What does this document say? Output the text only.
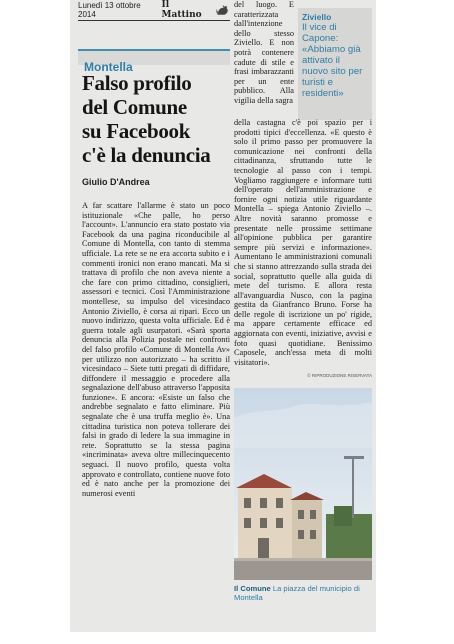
Lunedì 13 ottobre 2014
Il Mattino
Montella
Falso profilo
del Comune
su Facebook
c'è la denuncia
Giulio D'Andrea

A far scattare l'allarme è stato un poco istituzionale «Che palle, ho perso l'account». L'annuncio era stato postato via Facebook da una pagina riconducibile al Comune di Montella, con tanto di stemma ufficiale. La rete se ne era accorta subito e i commenti ironici non erano mancati. Ma si trattava di profilo che non aveva niente a che fare con primo cittadino, consiglieri, assessori e tecnici. Così l'Amministrazione montellese, su impulso del vicesindaco Antonio Ziviello, è corsa ai ripari. Ecco un nuovo indirizzo, questa volta ufficiale. Ed è guerra totale agli usurpatori. «Sarà sporta denuncia alla Polizia postale nei confronti del falso profilo «Comune di Montella Av» per utilizzo non autorizzato – ha scritto il vicesindaco – Siete tutti pregati di diffidare, diffondere il messaggio e procedere alla segnalazione dell'abuso attraverso l'apposita funzione». E ancora: «Esiste un falso che andrebbe segnalato e fatto eliminare. Più segnalate che è una truffa meglio è». Una cittadina turistica non poteva tollerare dei falsi in grado di ledere la sua immagine in rete. Soprattutto se la stessa pagina «incriminata» aveva oltre millecinquecento seguaci. Il nuovo profilo, questa volta approvato e controllato, contiene nuove foto ed è nato anche per la promozione dei numerosi eventi

del luogo. E caratterizzata dall'intenzione dello stesso Ziviello. E non potrà contenere cadute di stile e frasi imbarazzanti per un ente pubblico. Alla vigilia della sagra

Ziviello
Il vice di Capone: «Abbiamo già attivato il nuovo sito per turisti e residenti»

della castagna c'è poi spazio per i prodotti tipici d'eccellenza. «E questo è solo il primo passo per promuovere la comunicazione nei confronti della cittadinanza, sfruttando tutte le tecnologie al passo con i tempi. Vogliamo raggiungere e informare tutti dell'operato dell'amministrazione e fornire ogni notizia utile riguardante Montella – spiega Antonio Ziviello –. Altre novità saranno promosse e presentate nelle prossime settimane all'opinione pubblica per garantire sempre più servizi e informazione». Aumentano le amministrazioni comunali che si stanno attrezzando sulla strada dei social, soprattutto quelle alla guida di mete del turismo. E allora resta all'avanguardia Nusco, con la pagina gestita da Gianfranco Bruno. Forse ha delle regole di iscrizione un po' rigide, ma appare certamente efficace ed aggiornata con eventi, iniziative, avvisi e foto quasi quotidiane. Benissimo Caposele, anch'essa meta di molti visitatori».

© RIPRODUZIONE RISERVATA
Il Comune La piazza del municipio di Montella
